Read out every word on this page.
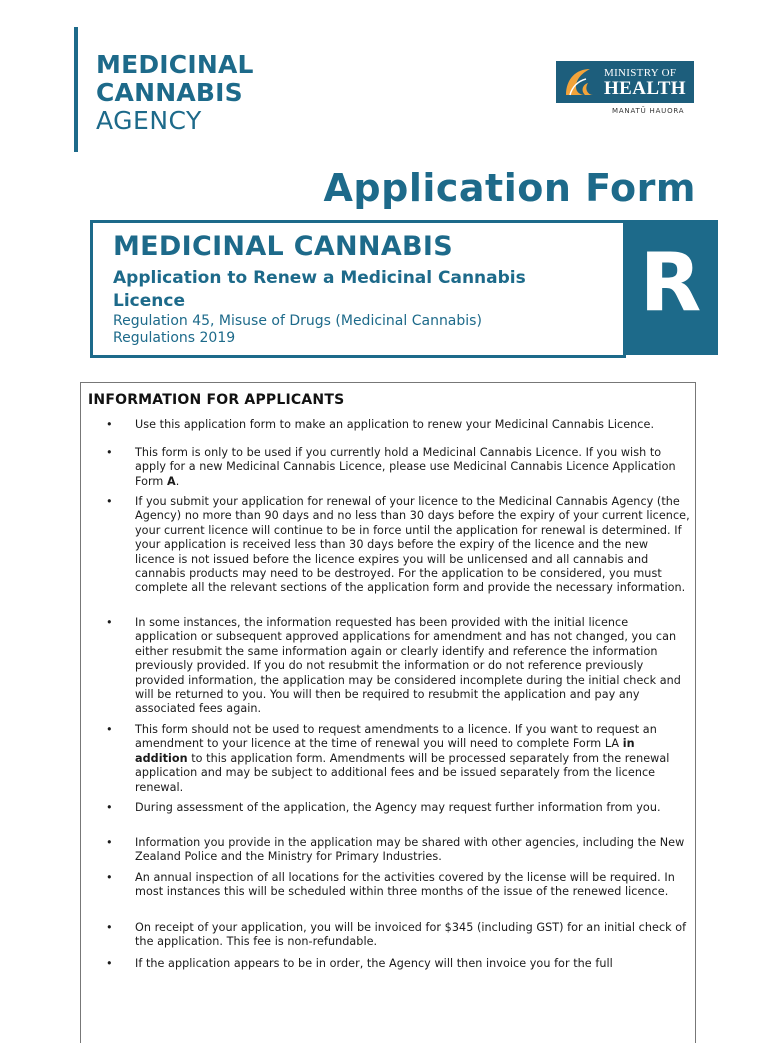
MEDICINAL
CANNABIS
AGENCY
MINISTRY OF
HEALTH
MANATŪ HAUORA
Application Form
MEDICINAL CANNABIS
Application to Renew a Medicinal Cannabis Licence
Regulation 45, Misuse of Drugs (Medicinal Cannabis) Regulations 2019
R
INFORMATION FOR APPLICANTS
• Use this application form to make an application to renew your Medicinal Cannabis Licence.
• This form is only to be used if you currently hold a Medicinal Cannabis Licence. If you wish to apply for a new Medicinal Cannabis Licence, please use Medicinal Cannabis Licence Application Form A.
• If you submit your application for renewal of your licence to the Medicinal Cannabis Agency (the Agency) no more than 90 days and no less than 30 days before the expiry of your current licence, your current licence will continue to be in force until the application for renewal is determined. If your application is received less than 30 days before the expiry of the licence and the new licence is not issued before the licence expires you will be unlicensed and all cannabis and cannabis products may need to be destroyed. For the application to be considered, you must complete all the relevant sections of the application form and provide the necessary information.
• In some instances, the information requested has been provided with the initial licence application or subsequent approved applications for amendment and has not changed, you can either resubmit the same information again or clearly identify and reference the information previously provided. If you do not resubmit the information or do not reference previously provided information, the application may be considered incomplete during the initial check and will be returned to you. You will then be required to resubmit the application and pay any associated fees again.
• This form should not be used to request amendments to a licence. If you want to request an amendment to your licence at the time of renewal you will need to complete Form LA in addition to this application form. Amendments will be processed separately from the renewal application and may be subject to additional fees and be issued separately from the licence renewal.
• During assessment of the application, the Agency may request further information from you.
• Information you provide in the application may be shared with other agencies, including the New Zealand Police and the Ministry for Primary Industries.
• An annual inspection of all locations for the activities covered by the license will be required. In most instances this will be scheduled within three months of the issue of the renewed licence.
• On receipt of your application, you will be invoiced for $345 (including GST) for an initial check of the application. This fee is non-refundable.
• If the application appears to be in order, the Agency will then invoice you for the full
